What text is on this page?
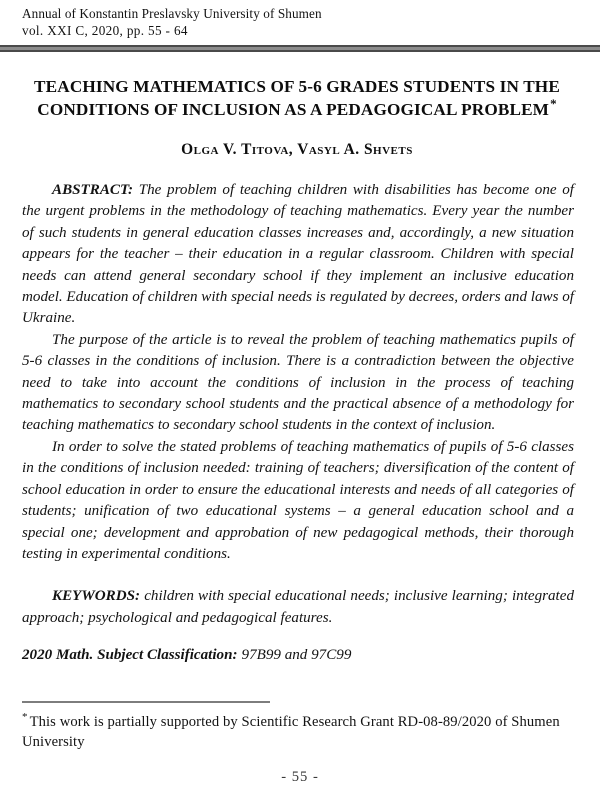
Annual of Konstantin Preslavsky University of Shumen
vol. XXI C, 2020, pp. 55 - 64
TEACHING MATHEMATICS OF 5-6 GRADES STUDENTS IN THE CONDITIONS OF INCLUSION AS A PEDAGOGICAL PROBLEM*
Olga V. Titova, Vasyl A. Shvets

ABSTRACT: The problem of teaching children with disabilities has become one of the urgent problems in the methodology of teaching mathematics. Every year the number of such students in general education classes increases and, accordingly, a new situation appears for the teacher – their education in a regular classroom. Children with special needs can attend general secondary school if they implement an inclusive education model. Education of children with special needs is regulated by decrees, orders and laws of Ukraine.

The purpose of the article is to reveal the problem of teaching mathematics pupils of 5-6 classes in the conditions of inclusion. There is a contradiction between the objective need to take into account the conditions of inclusion in the process of teaching mathematics to secondary school students and the practical absence of a methodology for teaching mathematics to secondary school students in the context of inclusion.

In order to solve the stated problems of teaching mathematics of pupils of 5-6 classes in the conditions of inclusion needed: training of teachers; diversification of the content of school education in order to ensure the educational interests and needs of all categories of students; unification of two educational systems – a general education school and a special one; development and approbation of new pedagogical methods, their thorough testing in experimental conditions.

KEYWORDS: children with special educational needs; inclusive learning; integrated approach; psychological and pedagogical features.

2020 Math. Subject Classification: 97B99 and 97C99
* This work is partially supported by Scientific Research Grant RD-08-89/2020 of Shumen University
- 55 -
